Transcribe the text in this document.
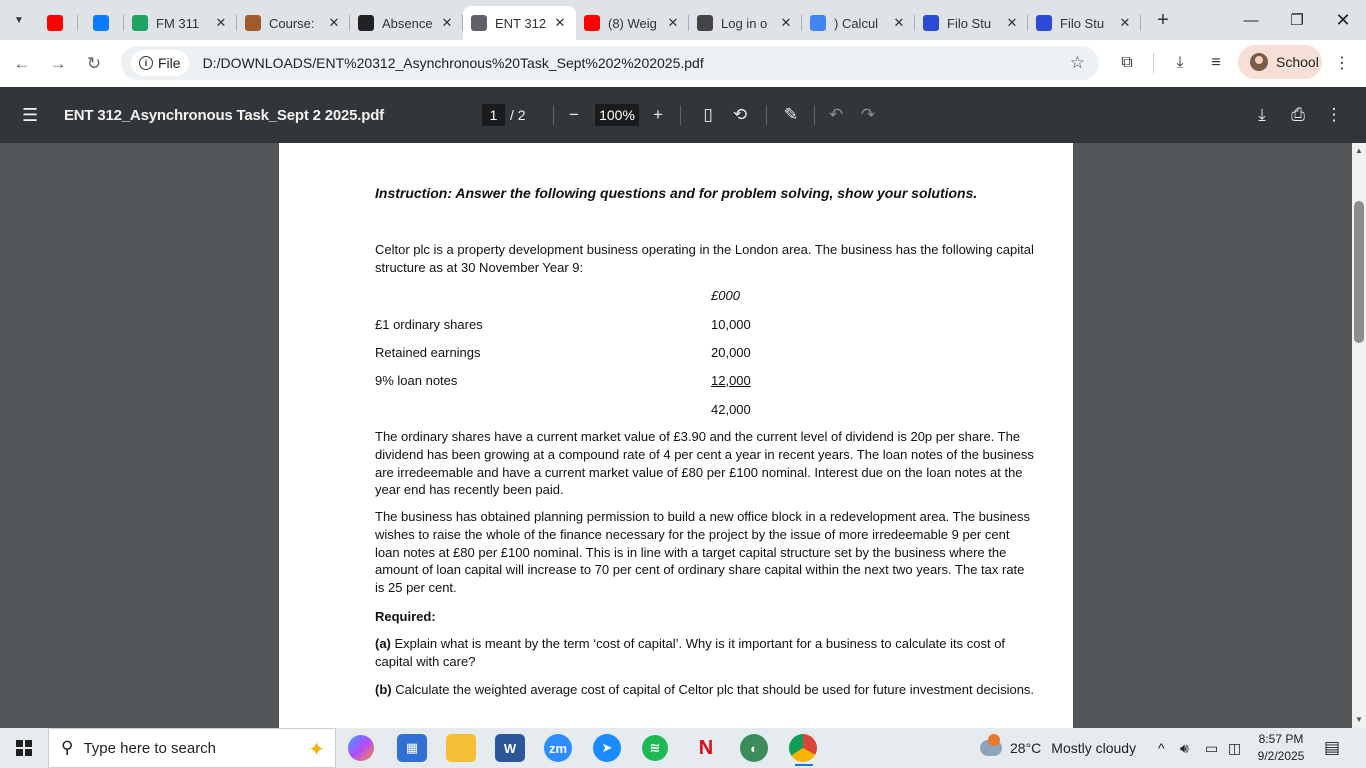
▼	FM 311	✕	Course:	✕	Absence ✕	ENT 312 ✕	(8) Weig ✕	Log in o	✕	) Calcul	✕	Filo Stu	✕	Filo Stu	✕ +	— ❐ ✕
← → ↻	i File D:/DOWNLOADS/ENT%20312_Asynchronous%20Task_Sept%202%202025.pdf	☆ ⧉	⤓ ≡	School ⋮
☰ ENT 312_Asynchronous Task_Sept 2 2025.pdf	1 / 2	−	100% +	▯	⟲ ✎ ↶ ↷	⤓	⎙ ⋮
Instruction: Answer the following questions and for problem solving, show your solutions.
Celtor plc is a property development business operating in the London area. The business has the following capital structure as at 30 November Year 9:
£000
£1 ordinary shares	10,000
Retained earnings	20,000
9% loan notes	12,000
42,000
The ordinary shares have a current market value of £3.90 and the current level of dividend is 20p per share. The dividend has been growing at a compound rate of 4 per cent a year in recent years. The loan notes of the business are irredeemable and have a current market value of £80 per £100 nominal. Interest due on the loan notes at the year end has recently been paid.
The business has obtained planning permission to build a new office block in a redevelopment area. The business wishes to raise the whole of the finance necessary for the project by the issue of more irredeemable 9 per cent loan notes at £80 per £100 nominal. This is in line with a target capital structure set by the business where the amount of loan capital will increase to 70 per cent of ordinary share capital within the next two years. The tax rate is 25 per cent.
Required:
(a) Explain what is meant by the term ‘cost of capital’. Why is it important for a business to calculate its cost of capital with care?
(b) Calculate the weighted average cost of capital of Celtor plc that should be used for future investment decisions.
▲
▼
⚲ Type here to search	✦	▦	W	zm	➤	≋	N	◐	28°C Mostly cloudy ^ 🔊︎ ▭ ◫
8:57 PM
9/2/2025	▤
